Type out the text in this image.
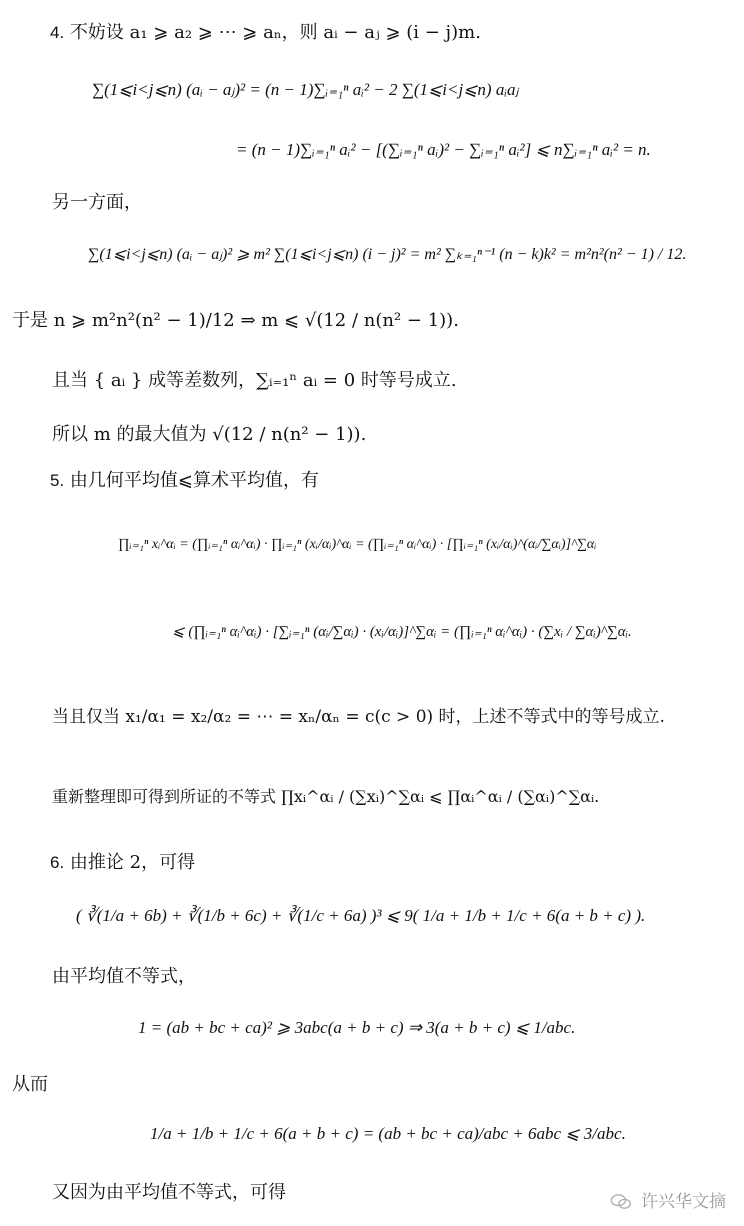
4. 不妨设 a₁ ⩾ a₂ ⩾ ⋯ ⩾ aₙ，则 aᵢ − aⱼ ⩾ (i − j)m.
∑(1⩽i<j⩽n) (aᵢ − aⱼ)² = (n − 1)∑ᵢ₌₁ⁿ aᵢ² − 2 ∑(1⩽i<j⩽n) aᵢaⱼ
= (n − 1)∑ᵢ₌₁ⁿ aᵢ² − [(∑ᵢ₌₁ⁿ aᵢ)² − ∑ᵢ₌₁ⁿ aᵢ²] ⩽ n∑ᵢ₌₁ⁿ aᵢ² = n.
另一方面，
∑(1⩽i<j⩽n) (aᵢ − aⱼ)² ⩾ m² ∑(1⩽i<j⩽n) (i − j)² = m² ∑ₖ₌₁ⁿ⁻¹ (n − k)k² = m²n²(n² − 1) / 12.
于是 n ⩾ m²n²(n² − 1)/12 ⇒ m ⩽ √(12 / n(n² − 1)).
且当 { aᵢ } 成等差数列，∑ᵢ₌₁ⁿ aᵢ = 0 时等号成立.
所以 m 的最大值为 √(12 / n(n² − 1)).
5. 由几何平均值⩽算术平均值，有
∏ᵢ₌₁ⁿ xᵢ^αᵢ = (∏ᵢ₌₁ⁿ αᵢ^αᵢ) · ∏ᵢ₌₁ⁿ (xᵢ/αᵢ)^αᵢ = (∏ᵢ₌₁ⁿ αᵢ^αᵢ) · [∏ᵢ₌₁ⁿ (xᵢ/αᵢ)^(αᵢ/∑αᵢ)]^∑αᵢ
⩽ (∏ᵢ₌₁ⁿ αᵢ^αᵢ) · [∑ᵢ₌₁ⁿ (αᵢ/∑αᵢ) · (xᵢ/αᵢ)]^∑αᵢ = (∏ᵢ₌₁ⁿ αᵢ^αᵢ) · (∑xᵢ / ∑αᵢ)^∑αᵢ.
当且仅当 x₁/α₁ = x₂/α₂ = ⋯ = xₙ/αₙ = c(c > 0) 时，上述不等式中的等号成立.
重新整理即可得到所证的不等式 ∏xᵢ^αᵢ / (∑xᵢ)^∑αᵢ ⩽ ∏αᵢ^αᵢ / (∑αᵢ)^∑αᵢ.
6. 由推论 2，可得
( ∛(1/a + 6b) + ∛(1/b + 6c) + ∛(1/c + 6a) )³ ⩽ 9( 1/a + 1/b + 1/c + 6(a + b + c) ).
由平均值不等式，
1 = (ab + bc + ca)² ⩾ 3abc(a + b + c) ⇒ 3(a + b + c) ⩽ 1/abc.
从而
1/a + 1/b + 1/c + 6(a + b + c) = (ab + bc + ca)/abc + 6abc ⩽ 3/abc.
又因为由平均值不等式，可得	许兴华文摘
